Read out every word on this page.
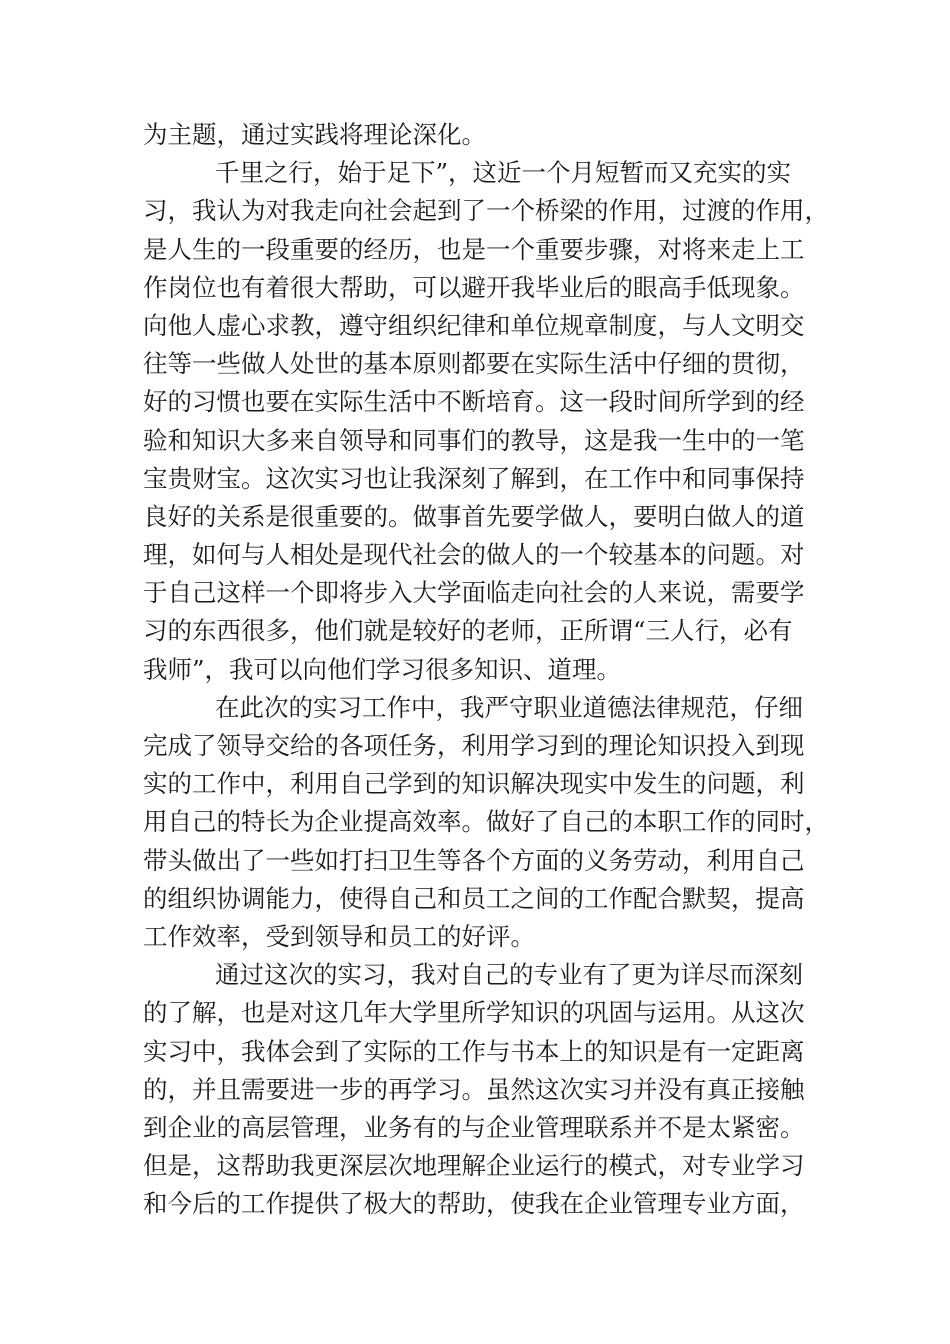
为主题，通过实践将理论深化。
千里之行，始于足下”，这近一个月短暂而又充实的实
习，我认为对我走向社会起到了一个桥梁的作用，过渡的作用，
是人生的一段重要的经历，也是一个重要步骤，对将来走上工
作岗位也有着很大帮助，可以避开我毕业后的眼高手低现象。
向他人虚心求教，遵守组织纪律和单位规章制度，与人文明交
往等一些做人处世的基本原则都要在实际生活中仔细的贯彻，
好的习惯也要在实际生活中不断培育。这一段时间所学到的经
验和知识大多来自领导和同事们的教导，这是我一生中的一笔
宝贵财宝。这次实习也让我深刻了解到，在工作中和同事保持
良好的关系是很重要的。做事首先要学做人，要明白做人的道
理，如何与人相处是现代社会的做人的一个较基本的问题。对
于自己这样一个即将步入大学面临走向社会的人来说，需要学
习的东西很多，他们就是较好的老师，正所谓“三人行，必有
我师”，我可以向他们学习很多知识、道理。
在此次的实习工作中，我严守职业道德法律规范，仔细
完成了领导交给的各项任务，利用学习到的理论知识投入到现
实的工作中，利用自己学到的知识解决现实中发生的问题，利
用自己的特长为企业提高效率。做好了自己的本职工作的同时，
带头做出了一些如打扫卫生等各个方面的义务劳动，利用自己
的组织协调能力，使得自己和员工之间的工作配合默契，提高
工作效率，受到领导和员工的好评。
通过这次的实习，我对自己的专业有了更为详尽而深刻
的了解，也是对这几年大学里所学知识的巩固与运用。从这次
实习中，我体会到了实际的工作与书本上的知识是有一定距离
的，并且需要进一步的再学习。虽然这次实习并没有真正接触
到企业的高层管理，业务有的与企业管理联系并不是太紧密。
但是，这帮助我更深层次地理解企业运行的模式，对专业学习
和今后的工作提供了极大的帮助，使我在企业管理专业方面，
